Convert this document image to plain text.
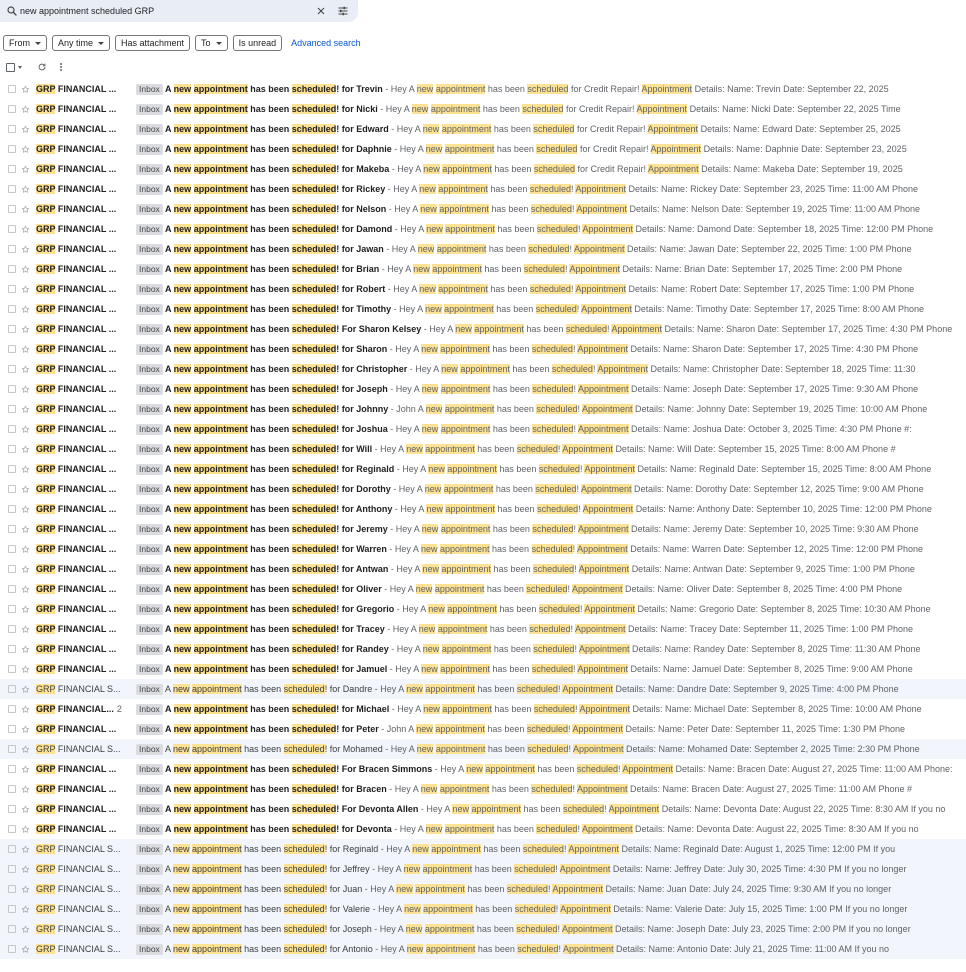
new appointment scheduled GRP
From	Any time	Has attachment To	Is unread Advanced search
GRP FINANCIAL ...	Inbox A new appointment has been scheduled! for Trevin - Hey A new appointment has been scheduled for Credit Repair! Appointment Details: Name: Trevin Date: September 22, 2025
GRP FINANCIAL ...	Inbox A new appointment has been scheduled! for Nicki - Hey A new appointment has been scheduled for Credit Repair! Appointment Details: Name: Nicki Date: September 22, 2025 Time
GRP FINANCIAL ...	Inbox A new appointment has been scheduled! for Edward - Hey A new appointment has been scheduled for Credit Repair! Appointment Details: Name: Edward Date: September 25, 2025
GRP FINANCIAL ...	Inbox A new appointment has been scheduled! for Daphnie - Hey A new appointment has been scheduled for Credit Repair! Appointment Details: Name: Daphnie Date: September 23, 2025
GRP FINANCIAL ...	Inbox A new appointment has been scheduled! for Makeba - Hey A new appointment has been scheduled for Credit Repair! Appointment Details: Name: Makeba Date: September 19, 2025
GRP FINANCIAL ...	Inbox A new appointment has been scheduled! for Rickey - Hey A new appointment has been scheduled! Appointment Details: Name: Rickey Date: September 23, 2025 Time: 11:00 AM Phone
GRP FINANCIAL ...	Inbox A new appointment has been scheduled! for Nelson - Hey A new appointment has been scheduled! Appointment Details: Name: Nelson Date: September 19, 2025 Time: 11:00 AM Phone
GRP FINANCIAL ...	Inbox A new appointment has been scheduled! for Damond - Hey A new appointment has been scheduled! Appointment Details: Name: Damond Date: September 18, 2025 Time: 12:00 PM Phone
GRP FINANCIAL ...	Inbox A new appointment has been scheduled! for Jawan - Hey A new appointment has been scheduled! Appointment Details: Name: Jawan Date: September 22, 2025 Time: 1:00 PM Phone
GRP FINANCIAL ...	Inbox A new appointment has been scheduled! for Brian - Hey A new appointment has been scheduled! Appointment Details: Name: Brian Date: September 17, 2025 Time: 2:00 PM Phone
GRP FINANCIAL ...	Inbox A new appointment has been scheduled! for Robert - Hey A new appointment has been scheduled! Appointment Details: Name: Robert Date: September 17, 2025 Time: 1:00 PM Phone
GRP FINANCIAL ...	Inbox A new appointment has been scheduled! for Timothy - Hey A new appointment has been scheduled! Appointment Details: Name: Timothy Date: September 17, 2025 Time: 8:00 AM Phone
GRP FINANCIAL ...	Inbox A new appointment has been scheduled! For Sharon Kelsey - Hey A new appointment has been scheduled! Appointment Details: Name: Sharon Date: September 17, 2025 Time: 4:30 PM Phone
GRP FINANCIAL ...	Inbox A new appointment has been scheduled! for Sharon - Hey A new appointment has been scheduled! Appointment Details: Name: Sharon Date: September 17, 2025 Time: 4:30 PM Phone
GRP FINANCIAL ...	Inbox A new appointment has been scheduled! for Christopher - Hey A new appointment has been scheduled! Appointment Details: Name: Christopher Date: September 18, 2025 Time: 11:30
GRP FINANCIAL ...	Inbox A new appointment has been scheduled! for Joseph - Hey A new appointment has been scheduled! Appointment Details: Name: Joseph Date: September 17, 2025 Time: 9:30 AM Phone
GRP FINANCIAL ...	Inbox A new appointment has been scheduled! for Johnny - John A new appointment has been scheduled! Appointment Details: Name: Johnny Date: September 19, 2025 Time: 10:00 AM Phone
GRP FINANCIAL ...	Inbox A new appointment has been scheduled! for Joshua - Hey A new appointment has been scheduled! Appointment Details: Name: Joshua Date: October 3, 2025 Time: 4:30 PM Phone #:
GRP FINANCIAL ...	Inbox A new appointment has been scheduled! for Will - Hey A new appointment has been scheduled! Appointment Details: Name: Will Date: September 15, 2025 Time: 8:00 AM Phone #
GRP FINANCIAL ...	Inbox A new appointment has been scheduled! for Reginald - Hey A new appointment has been scheduled! Appointment Details: Name: Reginald Date: September 15, 2025 Time: 8:00 AM Phone
GRP FINANCIAL ...	Inbox A new appointment has been scheduled! for Dorothy - Hey A new appointment has been scheduled! Appointment Details: Name: Dorothy Date: September 12, 2025 Time: 9:00 AM Phone
GRP FINANCIAL ...	Inbox A new appointment has been scheduled! for Anthony - Hey A new appointment has been scheduled! Appointment Details: Name: Anthony Date: September 10, 2025 Time: 12:00 PM Phone
GRP FINANCIAL ...	Inbox A new appointment has been scheduled! for Jeremy - Hey A new appointment has been scheduled! Appointment Details: Name: Jeremy Date: September 10, 2025 Time: 9:30 AM Phone
GRP FINANCIAL ...	Inbox A new appointment has been scheduled! for Warren - Hey A new appointment has been scheduled! Appointment Details: Name: Warren Date: September 12, 2025 Time: 12:00 PM Phone
GRP FINANCIAL ...	Inbox A new appointment has been scheduled! for Antwan - Hey A new appointment has been scheduled! Appointment Details: Name: Antwan Date: September 9, 2025 Time: 1:00 PM Phone
GRP FINANCIAL ...	Inbox A new appointment has been scheduled! for Oliver - Hey A new appointment has been scheduled! Appointment Details: Name: Oliver Date: September 8, 2025 Time: 4:00 PM Phone
GRP FINANCIAL ...	Inbox A new appointment has been scheduled! for Gregorio - Hey A new appointment has been scheduled! Appointment Details: Name: Gregorio Date: September 8, 2025 Time: 10:30 AM Phone
GRP FINANCIAL ...	Inbox A new appointment has been scheduled! for Tracey - Hey A new appointment has been scheduled! Appointment Details: Name: Tracey Date: September 11, 2025 Time: 1:00 PM Phone
GRP FINANCIAL ...	Inbox A new appointment has been scheduled! for Randey - Hey A new appointment has been scheduled! Appointment Details: Name: Randey Date: September 8, 2025 Time: 11:30 AM Phone
GRP FINANCIAL ...	Inbox A new appointment has been scheduled! for Jamuel - Hey A new appointment has been scheduled! Appointment Details: Name: Jamuel Date: September 8, 2025 Time: 9:00 AM Phone
GRP FINANCIAL S...	Inbox A new appointment has been scheduled! for Dandre - Hey A new appointment has been scheduled! Appointment Details: Name: Dandre Date: September 9, 2025 Time: 4:00 PM Phone
GRP FINANCIAL... 2	Inbox A new appointment has been scheduled! for Michael - Hey A new appointment has been scheduled! Appointment Details: Name: Michael Date: September 8, 2025 Time: 10:00 AM Phone
GRP FINANCIAL ...	Inbox A new appointment has been scheduled! for Peter - John A new appointment has been scheduled! Appointment Details: Name: Peter Date: September 11, 2025 Time: 1:30 PM Phone
GRP FINANCIAL S...	Inbox A new appointment has been scheduled! for Mohamed - Hey A new appointment has been scheduled! Appointment Details: Name: Mohamed Date: September 2, 2025 Time: 2:30 PM Phone
GRP FINANCIAL ...	Inbox A new appointment has been scheduled! For Bracen Simmons - Hey A new appointment has been scheduled! Appointment Details: Name: Bracen Date: August 27, 2025 Time: 11:00 AM Phone:
GRP FINANCIAL ...	Inbox A new appointment has been scheduled! for Bracen - Hey A new appointment has been scheduled! Appointment Details: Name: Bracen Date: August 27, 2025 Time: 11:00 AM Phone #
GRP FINANCIAL ...	Inbox A new appointment has been scheduled! For Devonta Allen - Hey A new appointment has been scheduled! Appointment Details: Name: Devonta Date: August 22, 2025 Time: 8:30 AM If you no
GRP FINANCIAL ...	Inbox A new appointment has been scheduled! for Devonta - Hey A new appointment has been scheduled! Appointment Details: Name: Devonta Date: August 22, 2025 Time: 8:30 AM If you no
GRP FINANCIAL S...	Inbox A new appointment has been scheduled! for Reginald - Hey A new appointment has been scheduled! Appointment Details: Name: Reginald Date: August 1, 2025 Time: 12:00 PM If you
GRP FINANCIAL S...	Inbox A new appointment has been scheduled! for Jeffrey - Hey A new appointment has been scheduled! Appointment Details: Name: Jeffrey Date: July 30, 2025 Time: 4:30 PM If you no longer
GRP FINANCIAL S...	Inbox A new appointment has been scheduled! for Juan - Hey A new appointment has been scheduled! Appointment Details: Name: Juan Date: July 24, 2025 Time: 9:30 AM If you no longer
GRP FINANCIAL S...	Inbox A new appointment has been scheduled! for Valerie - Hey A new appointment has been scheduled! Appointment Details: Name: Valerie Date: July 15, 2025 Time: 1:00 PM If you no longer
GRP FINANCIAL S...	Inbox A new appointment has been scheduled! for Joseph - Hey A new appointment has been scheduled! Appointment Details: Name: Joseph Date: July 23, 2025 Time: 2:00 PM If you no longer
GRP FINANCIAL S...	Inbox A new appointment has been scheduled! for Antonio - Hey A new appointment has been scheduled! Appointment Details: Name: Antonio Date: July 21, 2025 Time: 11:00 AM If you no
